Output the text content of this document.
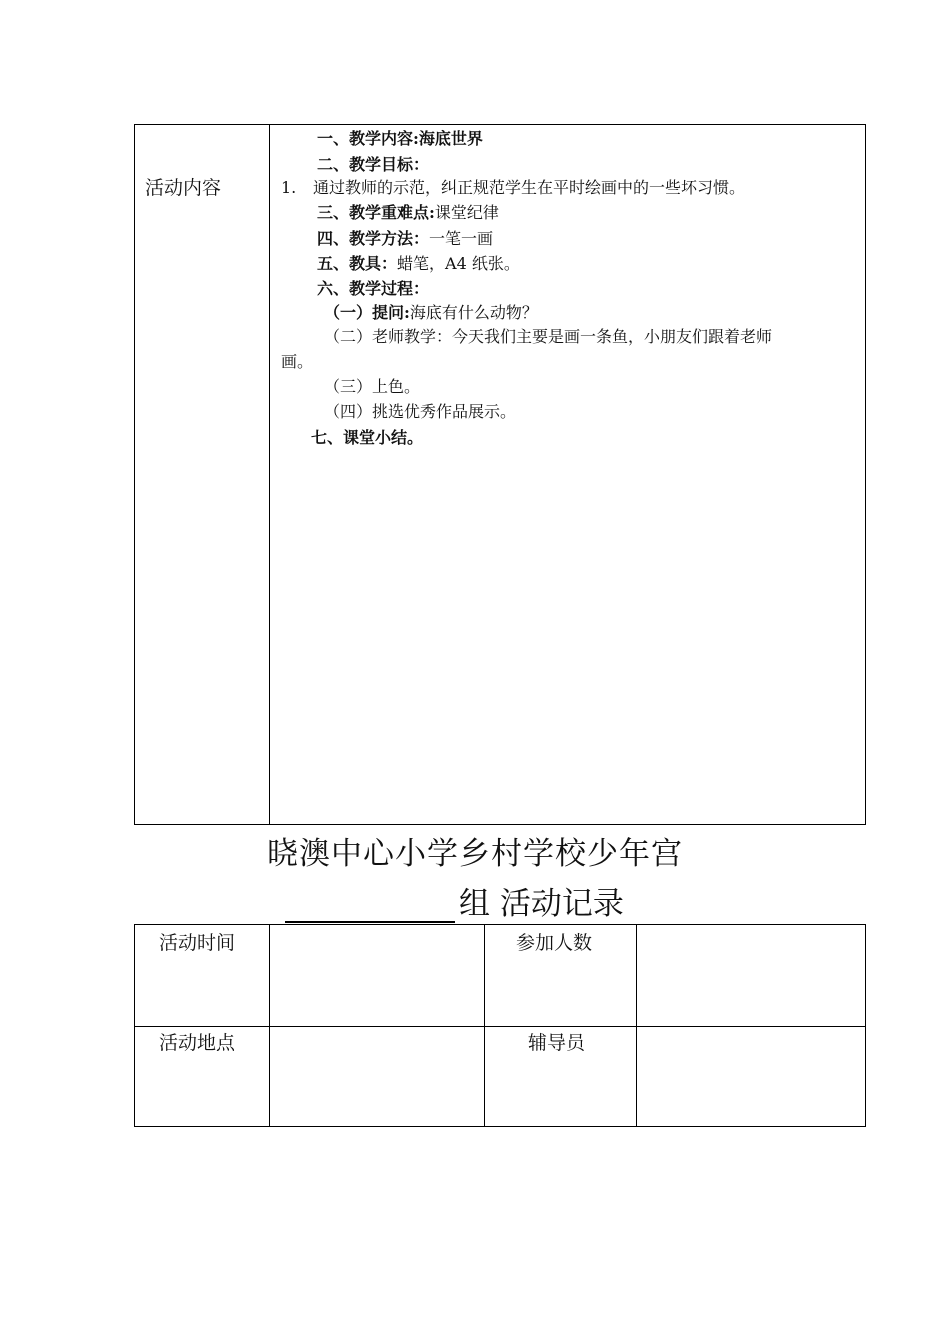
活动内容
一、教学内容:海底世界
二、教学目标：
1. 通过教师的示范，纠正规范学生在平时绘画中的一些坏习惯。
三、教学重难点:课堂纪律
四、教学方法：一笔一画
五、教具：蜡笔，A4 纸张。
六、教学过程：
（一）提问:海底有什么动物？
（二）老师教学：今天我们主要是画一条鱼，小朋友们跟着老师
画。
（三）上色。
（四）挑选优秀作品展示。
七、课堂小结。
晓澳中心小学乡村学校少年宫
组 活动记录
活动时间	参加人数
活动地点	辅导员
